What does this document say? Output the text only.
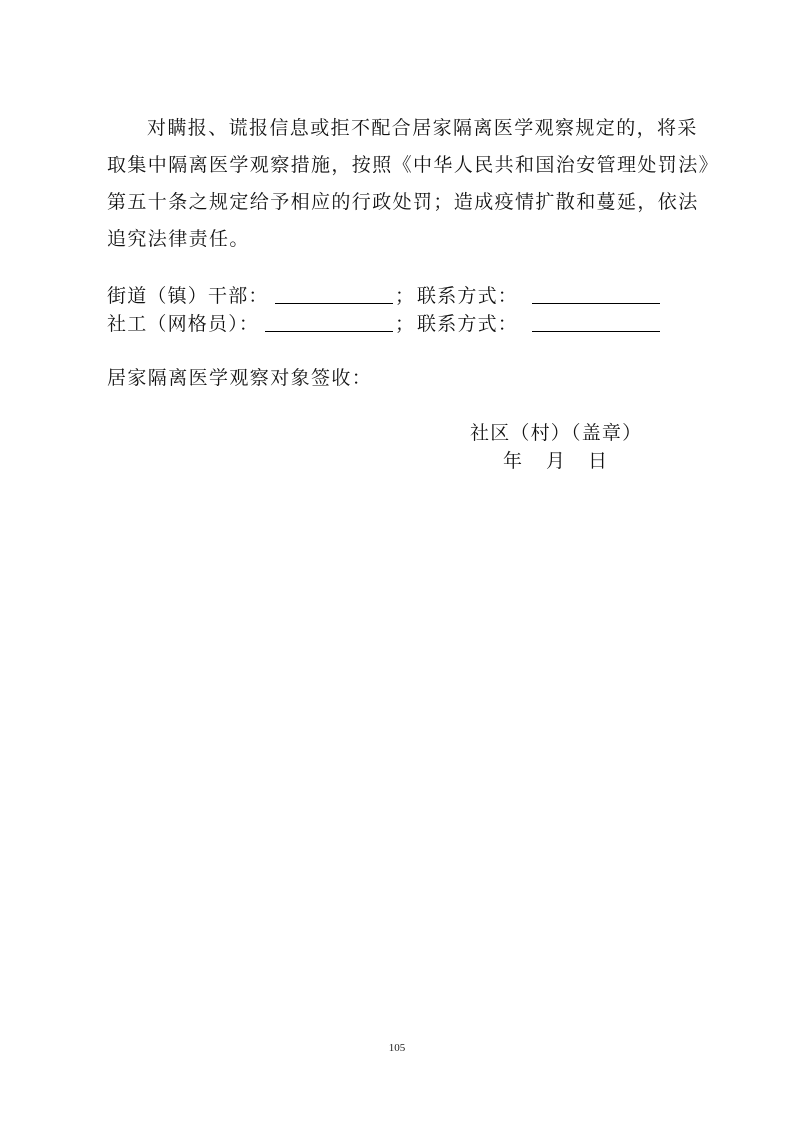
对瞒报、谎报信息或拒不配合居家隔离医学观察规定的，将采
取集中隔离医学观察措施，按照《中华人民共和国治安管理处罚法》
第五十条之规定给予相应的行政处罚；造成疫情扩散和蔓延，依法
追究法律责任。
街道（镇）干部：	； 联系方式：
社工（网格员）：	； 联系方式：
居家隔离医学观察对象签收：
社区（村）（盖章）
年 月 日
105
